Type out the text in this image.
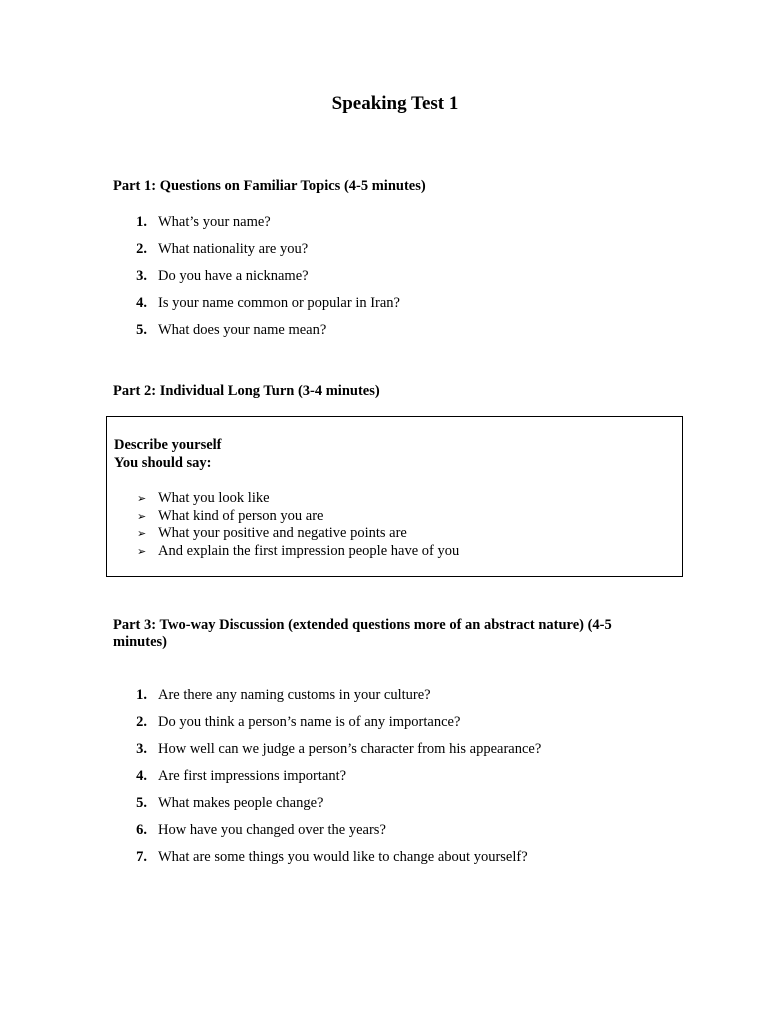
Speaking Test 1
Part 1: Questions on Familiar Topics (4-5 minutes)
1. What’s your name?
2. What nationality are you?
3. Do you have a nickname?
4. Is your name common or popular in Iran?
5. What does your name mean?
Part 2: Individual Long Turn (3-4 minutes)
Describe yourself
You should say:
➢ What you look like
➢ What kind of person you are
➢ What your positive and negative points are
➢ And explain the first impression people have of you
Part 3: Two-way Discussion (extended questions more of an abstract nature) (4-5
minutes)
1. Are there any naming customs in your culture?
2. Do you think a person’s name is of any importance?
3. How well can we judge a person’s character from his appearance?
4. Are first impressions important?
5. What makes people change?
6. How have you changed over the years?
7. What are some things you would like to change about yourself?
